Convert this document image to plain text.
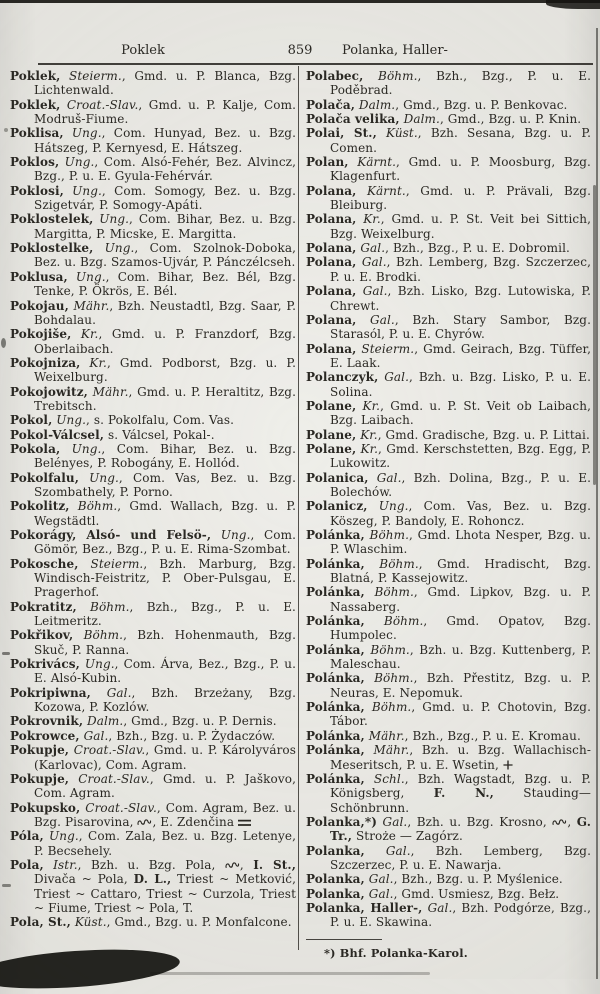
Poklek	859	Polanka, Haller-
Poklek, Steierm., Gmd. u. P. Blanca, Bzg. Lichtenwald.
Poklek, Croat.-Slav., Gmd. u. P. Kalje, Com. Modruš-Fiume.
Poklisa, Ung., Com. Hunyad, Bez. u. Bzg. Hátszeg, P. Kernyesd, E. Hátszeg.
Poklos, Ung., Com. Alsó-Fehér, Bez. Alvincz, Bzg., P. u. E. Gyula-Fehérvár.
Poklosi, Ung., Com. Somogy, Bez. u. Bzg. Szigetvár, P. Somogy-Apáti.
Poklostelek, Ung., Com. Bihar, Bez. u. Bzg. Margitta, P. Micske, E. Margitta.
Poklostelke, Ung., Com. Szolnok-Doboka, Bez. u. Bzg. Szamos-Ujvár, P. Pánczélcseh.
Poklusa, Ung., Com. Bihar, Bez. Bél, Bzg. Tenke, P. Ökrös, E. Bél.
Pokojau, Mähr., Bzh. Neustadtl, Bzg. Saar, P. Bohdalau.
Pokojiše, Kr., Gmd. u. P. Franzdorf, Bzg. Oberlaibach.
Pokojniza, Kr., Gmd. Podborst, Bzg. u. P. Weixelburg.
Pokojowitz, Mähr., Gmd. u. P. Heraltitz, Bzg. Trebitsch.
Pokol, Ung., s. Pokolfalu, Com. Vas.
Pokol-Válcsel, s. Válcsel, Pokal-.
Pokola, Ung., Com. Bihar, Bez. u. Bzg. Belényes, P. Robogány, E. Hollód.
Pokolfalu, Ung., Com. Vas, Bez. u. Bzg. Szombathely, P. Porno.
Pokolitz, Böhm., Gmd. Wallach, Bzg. u. P. Wegstädtl.
Pokorágy, Alsó- und Felsö-, Ung., Com. Gömör, Bez., Bzg., P. u. E. Rima-Szombat.
Pokosche, Steierm., Bzh. Marburg, Bzg. Windisch-Feistritz, P. Ober-Pulsgau, E. Pragerhof.
Pokratitz, Böhm., Bzh., Bzg., P. u. E. Leitmeritz.
Pokřikov, Böhm., Bzh. Hohenmauth, Bzg. Skuč, P. Ranna.
Pokrivács, Ung., Com. Árva, Bez., Bzg., P. u. E. Alsó-Kubin.
Pokripiwna, Gal., Bzh. Brzeżany, Bzg. Kozowa, P. Kozlów.
Pokrovnik, Dalm., Gmd., Bzg. u. P. Dernis.
Pokrowce, Gal., Bzh., Bzg. u. P. Żydaczów.
Pokupje, Croat.-Slav., Gmd. u. P. Károlyváros (Karlovac), Com. Agram.
Pokupje, Croat.-Slav., Gmd. u. P. Jaškovo, Com. Agram.
Pokupsko, Croat.-Slav., Com. Agram, Bez. u. Bzg. Pisarovina, , E. Zdenčina
Póla, Ung., Com. Zala, Bez. u. Bzg. Letenye, P. Becsehely.
Pola, Istr., Bzh. u. Bzg. Pola, , I. St., Divača ~ Pola, D. L., Triest ~ Metković, Triest ~ Cattaro, Triest ~ Curzola, Triest ~ Fiume, Triest ~ Pola, T.
Pola, St., Küst., Gmd., Bzg. u. P. Monfalcone.
Polabec, Böhm., Bzh., Bzg., P. u. E. Poděbrad.
Polača, Dalm., Gmd., Bzg. u. P. Benkovac.
Polača velika, Dalm., Gmd., Bzg. u. P. Knin.
Polai, St., Küst., Bzh. Sesana, Bzg. u. P. Comen.
Polan, Kärnt., Gmd. u. P. Moosburg, Bzg. Klagenfurt.
Polana, Kärnt., Gmd. u. P. Prävali, Bzg. Bleiburg.
Polana, Kr., Gmd. u. P. St. Veit bei Sittich, Bzg. Weixelburg.
Polana, Gal., Bzh., Bzg., P. u. E. Dobromil.
Polana, Gal., Bzh. Lemberg, Bzg. Szczerzec, P. u. E. Brodki.
Polana, Gal., Bzh. Lisko, Bzg. Lutowiska, P. Chrewt.
Polana, Gal., Bzh. Stary Sambor, Bzg. Starasól, P. u. E. Chyrów.
Polana, Steierm., Gmd. Geirach, Bzg. Tüffer, E. Laak.
Polanczyk, Gal., Bzh. u. Bzg. Lisko, P. u. E. Solina.
Polane, Kr., Gmd. u. P. St. Veit ob Laibach, Bzg. Laibach.
Polane, Kr., Gmd. Gradische, Bzg. u. P. Littai.
Polane, Kr., Gmd. Kerschstetten, Bzg. Egg, P. Lukowitz.
Polanica, Gal., Bzh. Dolina, Bzg., P. u. E. Bolechów.
Polanicz, Ung., Com. Vas, Bez. u. Bzg. Köszeg, P. Bandoly, E. Rohoncz.
Polánka, Böhm., Gmd. Lhota Nesper, Bzg. u. P. Wlaschim.
Polánka, Böhm., Gmd. Hradischt, Bzg. Blatná, P. Kassejowitz.
Polánka, Böhm., Gmd. Lipkov, Bzg. u. P. Nassaberg.
Polánka, Böhm., Gmd. Opatov, Bzg. Humpolec.
Polánka, Böhm., Bzh. u. Bzg. Kuttenberg, P. Maleschau.
Polánka, Böhm., Bzh. Přestitz, Bzg. u. P. Neuras, E. Nepomuk.
Polánka, Böhm., Gmd. u. P. Chotovin, Bzg. Tábor.
Polánka, Mähr., Bzh., Bzg., P. u. E. Kromau.
Polánka, Mähr., Bzh. u. Bzg. Wallachisch-Meseritsch, P. u. E. Wsetin,
Polánka, Schl., Bzh. Wagstadt, Bzg. u. P. Königsberg, F. N., Stauding—Schönbrunn.
Polanka,*) Gal., Bzh. u. Bzg. Krosno, , G. Tr., Stroże — Zagórz.
Polanka, Gal., Bzh. Lemberg, Bzg. Szczerzec, P. u. E. Nawarja.
Polanka, Gal., Bzh., Bzg. u. P. Myślenice.
Polanka, Gal., Gmd. Usmiesz, Bzg. Bełz.
Polanka, Haller-, Gal., Bzh. Podgórze, Bzg., P. u. E. Skawina.
*) Bhf. Polanka-Karol.
